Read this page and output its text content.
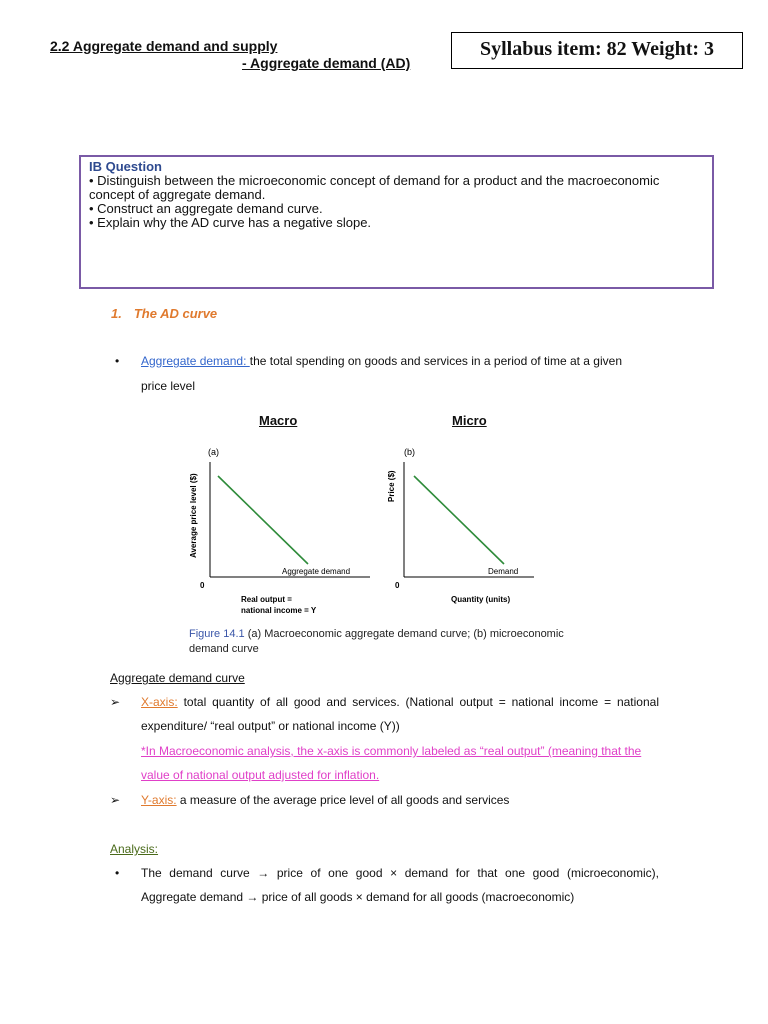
2.2 Aggregate demand and supply
- Aggregate demand (AD)
Syllabus item: 82 Weight: 3
IB Question
• Distinguish between the microeconomic concept of demand for a product and the macroeconomic concept of aggregate demand.
• Construct an aggregate demand curve.
• Explain why the AD curve has a negative slope.
1. The AD curve
• Aggregate demand: the total spending on goods and services in a period of time at a given
price level
Macro	Micro
(a)
Average price level ($)
Aggregate demand
0
Real output =
national income = Y
(b)
Price ($)
Demand
0
Quantity (units)
Figure 14.1 (a) Macroeconomic aggregate demand curve; (b) microeconomic demand curve
Aggregate demand curve
➢ X-axis: total quantity of all good and services. (National output = national income = national expenditure/ “real output” or national income (Y))
*In Macroeconomic analysis, the x-axis is commonly labeled as “real output” (meaning that the value of national output adjusted for inflation.
➢ Y-axis: a measure of the average price level of all goods and services
Analysis:
• The demand curve → price of one good × demand for that one good (microeconomic),
Aggregate demand → price of all goods × demand for all goods (macroeconomic)
